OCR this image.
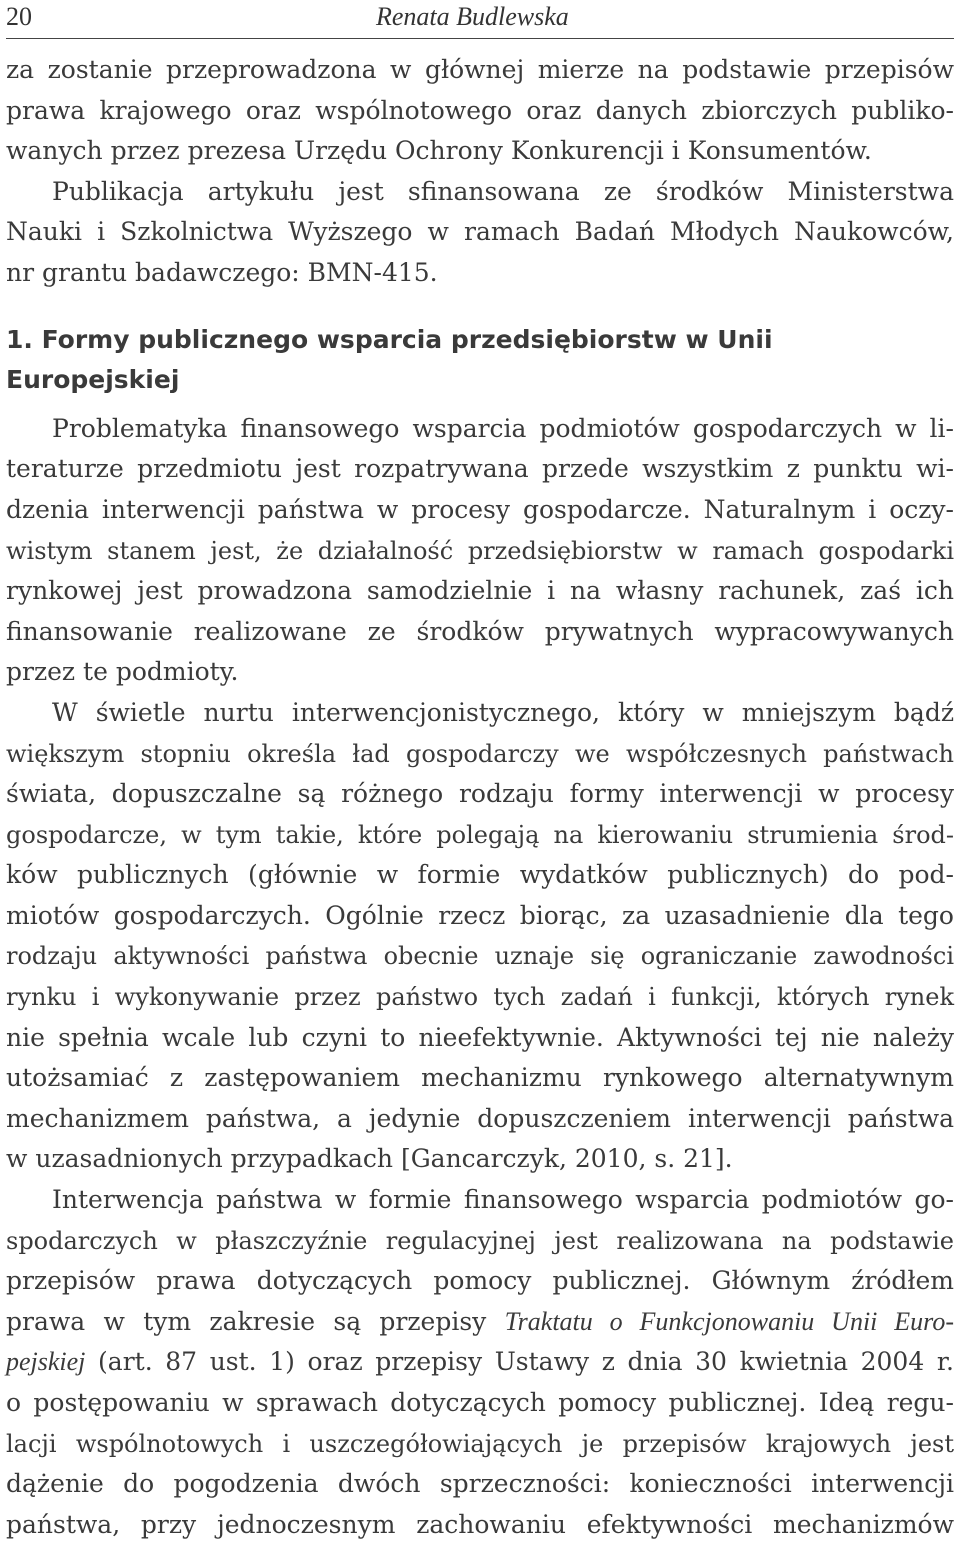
20	Renata Budlewska
za zostanie przeprowadzona w głównej mierze na podstawie przepisów
prawa krajowego oraz wspólnotowego oraz danych zbiorczych publiko-
wanych przez prezesa Urzędu Ochrony Konkurencji i Konsumentów.
Publikacja artykułu jest sfinansowana ze środków Ministerstwa
Nauki i Szkolnictwa Wyższego w ramach Badań Młodych Naukowców,
nr grantu badawczego: BMN-415.
1. Formy publicznego wsparcia przedsiębiorstw w Unii
Europejskiej
Problematyka finansowego wsparcia podmiotów gospodarczych w li-
teraturze przedmiotu jest rozpatrywana przede wszystkim z punktu wi-
dzenia interwencji państwa w procesy gospodarcze. Naturalnym i oczy-
wistym stanem jest, że działalność przedsiębiorstw w ramach gospodarki
rynkowej jest prowadzona samodzielnie i na własny rachunek, zaś ich
finansowanie realizowane ze środków prywatnych wypracowywanych
przez te podmioty.
W świetle nurtu interwencjonistycznego, który w mniejszym bądź
większym stopniu określa ład gospodarczy we współczesnych państwach
świata, dopuszczalne są różnego rodzaju formy interwencji w procesy
gospodarcze, w tym takie, które polegają na kierowaniu strumienia środ-
ków publicznych (głównie w formie wydatków publicznych) do pod-
miotów gospodarczych. Ogólnie rzecz biorąc, za uzasadnienie dla tego
rodzaju aktywności państwa obecnie uznaje się ograniczanie zawodności
rynku i wykonywanie przez państwo tych zadań i funkcji, których rynek
nie spełnia wcale lub czyni to nieefektywnie. Aktywności tej nie należy
utożsamiać z zastępowaniem mechanizmu rynkowego alternatywnym
mechanizmem państwa, a jedynie dopuszczeniem interwencji państwa
w uzasadnionych przypadkach [Gancarczyk, 2010, s. 21].
Interwencja państwa w formie finansowego wsparcia podmiotów go-
spodarczych w płaszczyźnie regulacyjnej jest realizowana na podstawie
przepisów prawa dotyczących pomocy publicznej. Głównym źródłem
prawa w tym zakresie są przepisy Traktatu o Funkcjonowaniu Unii Euro-
pejskiej (art. 87 ust. 1) oraz przepisy Ustawy z dnia 30 kwietnia 2004 r.
o postępowaniu w sprawach dotyczących pomocy publicznej. Ideą regu-
lacji wspólnotowych i uszczegółowiających je przepisów krajowych jest
dążenie do pogodzenia dwóch sprzeczności: konieczności interwencji
państwa, przy jednoczesnym zachowaniu efektywności mechanizmów
